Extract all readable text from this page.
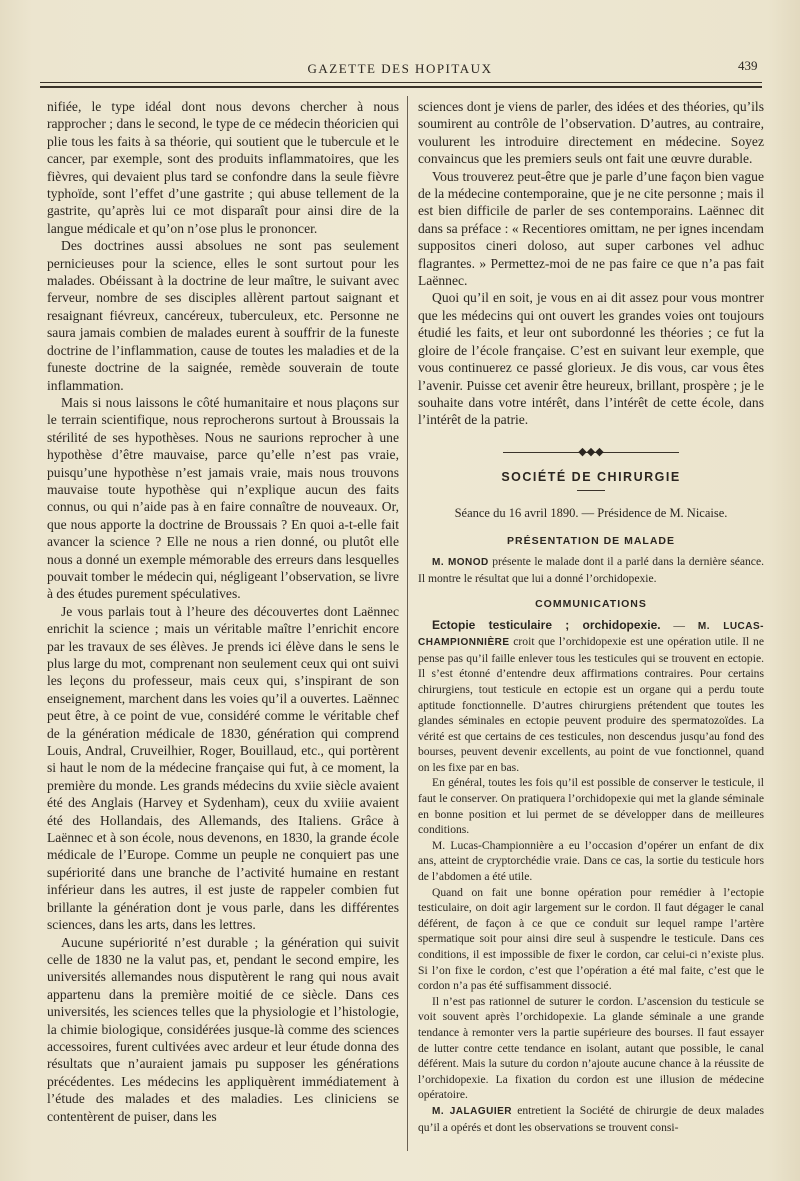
GAZETTE DES HOPITAUX	439

nifiée, le type idéal dont nous devons chercher à nous rapprocher ; dans le second, le type de ce médecin théoricien qui plie tous les faits à sa théorie, qui soutient que le tubercule et le cancer, par exemple, sont des produits inflammatoires, que les fièvres, qui devaient plus tard se confondre dans la seule fièvre typhoïde, sont l’effet d’une gastrite ; qui abuse tellement de la gastrite, qu’après lui ce mot disparaît pour ainsi dire de la langue médicale et qu’on n’ose plus le prononcer.

Des doctrines aussi absolues ne sont pas seulement pernicieuses pour la science, elles le sont surtout pour les malades. Obéissant à la doctrine de leur maître, le suivant avec ferveur, nombre de ses disciples allèrent partout saignant et resaignant fiévreux, cancéreux, tuberculeux, etc. Personne ne saura jamais combien de malades eurent à souffrir de la funeste doctrine de l’inflammation, cause de toutes les maladies et de la funeste doctrine de la saignée, remède souverain de toute inflammation.

Mais si nous laissons le côté humanitaire et nous plaçons sur le terrain scientifique, nous reprocherons surtout à Broussais la stérilité de ses hypothèses. Nous ne saurions reprocher à une hypothèse d’être mauvaise, parce qu’elle n’est pas vraie, puisqu’une hypothèse n’est jamais vraie, mais nous trouvons mauvaise toute hypothèse qui n’explique aucun des faits connus, ou qui n’aide pas à en faire connaître de nouveaux. Or, que nous apporte la doctrine de Broussais ? En quoi a-t-elle fait avancer la science ? Elle ne nous a rien donné, ou plutôt elle nous a donné un exemple mémorable des erreurs dans lesquelles pouvait tomber le médecin qui, négligeant l’observation, se livre à des études purement spéculatives.

Je vous parlais tout à l’heure des découvertes dont Laënnec enrichit la science ; mais un véritable maître l’enrichit encore par les travaux de ses élèves. Je prends ici élève dans le sens le plus large du mot, comprenant non seulement ceux qui ont suivi les leçons du professeur, mais ceux qui, s’inspirant de son enseignement, marchent dans les voies qu’il a ouvertes. Laënnec peut être, à ce point de vue, considéré comme le véritable chef de la génération médicale de 1830, génération qui comprend Louis, Andral, Cruveilhier, Roger, Bouillaud, etc., qui portèrent si haut le nom de la médecine française qui fut, à ce moment, la première du monde. Les grands médecins du xviie siècle avaient été des Anglais (Harvey et Sydenham), ceux du xviiie avaient été des Hollandais, des Allemands, des Italiens. Grâce à Laënnec et à son école, nous devenons, en 1830, la grande école médicale de l’Europe. Comme un peuple ne conquiert pas une supériorité dans une branche de l’activité humaine en restant inférieur dans les autres, il est juste de rappeler combien fut brillante la génération dont je vous parle, dans les différentes sciences, dans les arts, dans les lettres.

Aucune supériorité n’est durable ; la génération qui suivit celle de 1830 ne la valut pas, et, pendant le second empire, les universités allemandes nous disputèrent le rang qui nous avait appartenu dans la première moitié de ce siècle. Dans ces universités, les sciences telles que la physiologie et l’histologie, la chimie biologique, considérées jusque-là comme des sciences accessoires, furent cultivées avec ardeur et leur étude donna des résultats que n’auraient jamais pu supposer les générations précédentes. Les médecins les appliquèrent immédiatement à l’étude des malades et des maladies. Les cliniciens se contentèrent de puiser, dans les

sciences dont je viens de parler, des idées et des théories, qu’ils soumirent au contrôle de l’observation. D’autres, au contraire, voulurent les introduire directement en médecine. Soyez convaincus que les premiers seuls ont fait une œuvre durable.

Vous trouverez peut-être que je parle d’une façon bien vague de la médecine contemporaine, que je ne cite personne ; mais il est bien difficile de parler de ses contemporains. Laënnec dit dans sa préface : « Recentiores omittam, ne per ignes incendam suppositos cineri doloso, aut super carbones vel adhuc flagrantes. » Permettez-moi de ne pas faire ce que n’a pas fait Laënnec.

Quoi qu’il en soit, je vous en ai dit assez pour vous montrer que les médecins qui ont ouvert les grandes voies ont toujours étudié les faits, et leur ont subordonné les théories ; ce fut la gloire de l’école française. C’est en suivant leur exemple, que vous continuerez ce passé glorieux. Je dis vous, car vous êtes l’avenir. Puisse cet avenir être heureux, brillant, prospère ; je le souhaite dans votre intérêt, dans l’intérêt de cette école, dans l’intérêt de la patrie.

◆◆◆
SOCIÉTÉ DE CHIRURGIE
Séance du 16 avril 1890. — Présidence de M. Nicaise.
PRÉSENTATION DE MALADE

M. MONOD présente le malade dont il a parlé dans la dernière séance. Il montre le résultat que lui a donné l’orchidopexie.

COMMUNICATIONS

Ectopie testiculaire ; orchidopexie. — M. LUCAS-CHAMPIONNIÈRE croit que l’orchidopexie est une opération utile. Il ne pense pas qu’il faille enlever tous les testicules qui se trouvent en ectopie. Il s’est étonné d’entendre deux affirmations contraires. Pour certains chirurgiens, tout testicule en ectopie est un organe qui a perdu toute aptitude fonctionnelle. D’autres chirurgiens prétendent que toutes les glandes séminales en ectopie peuvent produire des spermatozoïdes. La vérité est que certains de ces testicules, non descendus jusqu’au fond des bourses, peuvent devenir excellents, au point de vue fonctionnel, quand on les fixe par en bas.

En général, toutes les fois qu’il est possible de conserver le testicule, il faut le conserver. On pratiquera l’orchidopexie qui met la glande séminale en bonne position et lui permet de se développer dans de meilleures conditions.

M. Lucas-Championnière a eu l’occasion d’opérer un enfant de dix ans, atteint de cryptorchédie vraie. Dans ce cas, la sortie du testicule hors de l’abdomen a été utile.

Quand on fait une bonne opération pour remédier à l’ectopie testiculaire, on doit agir largement sur le cordon. Il faut dégager le canal déférent, de façon à ce que ce conduit sur lequel rampe l’artère spermatique soit pour ainsi dire seul à suspendre le testicule. Dans ces conditions, il est impossible de fixer le cordon, car celui-ci n’existe plus. Si l’on fixe le cordon, c’est que l’opération a été mal faite, c’est que le cordon n’a pas été suffisamment dissocié.

Il n’est pas rationnel de suturer le cordon. L’ascension du testicule se voit souvent après l’orchidopexie. La glande séminale a une grande tendance à remonter vers la partie supérieure des bourses. Il faut essayer de lutter contre cette tendance en isolant, autant que possible, le canal déférent. Mais la suture du cordon n’ajoute aucune chance à la réussite de l’orchidopexie. La fixation du cordon est une illusion de médecine opératoire.

M. JALAGUIER entretient la Société de chirurgie de deux malades qu’il a opérés et dont les observations se trouvent consi-
